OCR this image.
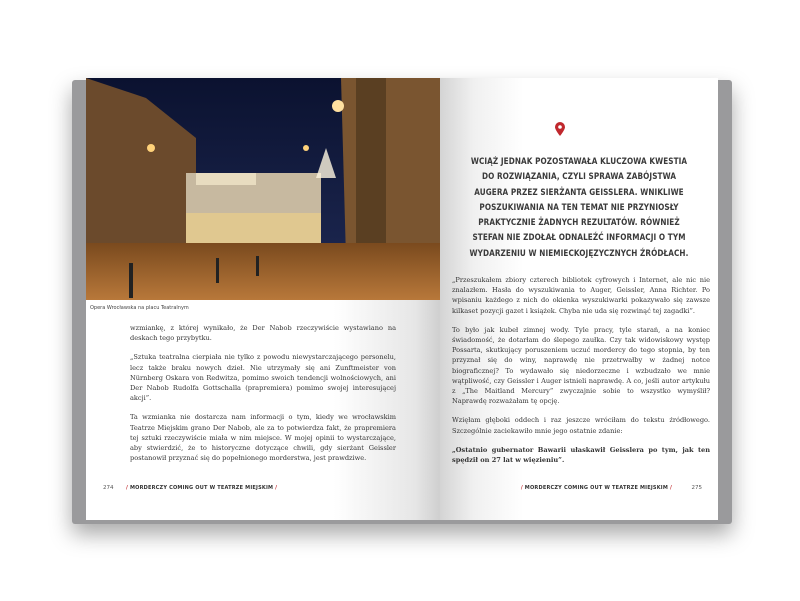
Opera Wrocławska na placu Teatralnym

wzmiankę, z której wynikało, że Der Nabob rzeczywiście wystawiano na deskach tego przybytku.

„Sztuka teatralna cierpiała nie tylko z powodu niewystarczającego personelu, lecz także braku nowych dzieł. Nie utrzymały się ani Zunftmeister von Nürnberg Oskara von Redwitza, pomimo swoich tendencji wolnościowych, ani Der Nabob Rudolfa Gottschalla (prapremiera) pomimo swojej interesującej akcji”.

Ta wzmianka nie dostarcza nam informacji o tym, kiedy we wrocławskim Teatrze Miejskim grano Der Nabob, ale za to potwierdza fakt, że prapremiera tej sztuki rzeczywiście miała w nim miejsce. W mojej opinii to wystarczające, aby stwierdzić, że to historyczne dotyczące chwili, gdy sierżant Geissler postanowił przyznać się do popełnionego morderstwa, jest prawdziwe.

274	/ MORDERCZY COMING OUT W TEATRZE MIEJSKIM /
WCIĄŻ JEDNAK POZOSTAWAŁA KLUCZOWA KWESTIA DO ROZWIĄZANIA, CZYLI SPRAWA ZABÓJSTWA AUGERA PRZEZ SIERŻANTA GEISSLERA. WNIKLIWE POSZUKIWANIA NA TEN TEMAT NIE PRZYNIOSŁY PRAKTYCZNIE ŻADNYCH REZULTATÓW. RÓWNIEŻ STEFAN NIE ZDOŁAŁ ODNALEŹĆ INFORMACJI O TYM WYDARZENIU W NIEMIECKOJĘZYCZNYCH ŹRÓDŁACH.

„Przeszukałem zbiory czterech bibliotek cyfrowych i Internet, ale nic nie znalazłem. Hasła do wyszukiwania to Auger, Geissler, Anna Richter. Po wpisaniu każdego z nich do okienka wyszukiwarki pokazywało się zawsze kilkaset pozycji gazet i książek. Chyba nie uda się rozwinąć tej zagadki”.

To było jak kubeł zimnej wody. Tyle pracy, tyle starań, a na koniec świadomość, że dotarłam do ślepego zaułka. Czy tak widowiskowy występ Possarta, skutkujący poruszeniem uczuć mordercy do tego stopnia, by ten przyznał się do winy, naprawdę nie przetrwałby w żadnej notce biograficznej? To wydawało się niedorzeczne i wzbudzało we mnie wątpliwość, czy Geissler i Auger istnieli naprawdę. A co, jeśli autor artykułu z „The Maitland Mercury” zwyczajnie sobie to wszystko wymyślił? Naprawdę rozważałam tę opcję.

Wzięłam głęboki oddech i raz jeszcze wróciłam do tekstu źródłowego. Szczególnie zaciekawiło mnie jego ostatnie zdanie:

„Ostatnio gubernator Bawarii ułaskawił Geisslera po tym, jak ten spędził on 27 lat w więzieniu”.

/ MORDERCZY COMING OUT W TEATRZE MIEJSKIM /	275
